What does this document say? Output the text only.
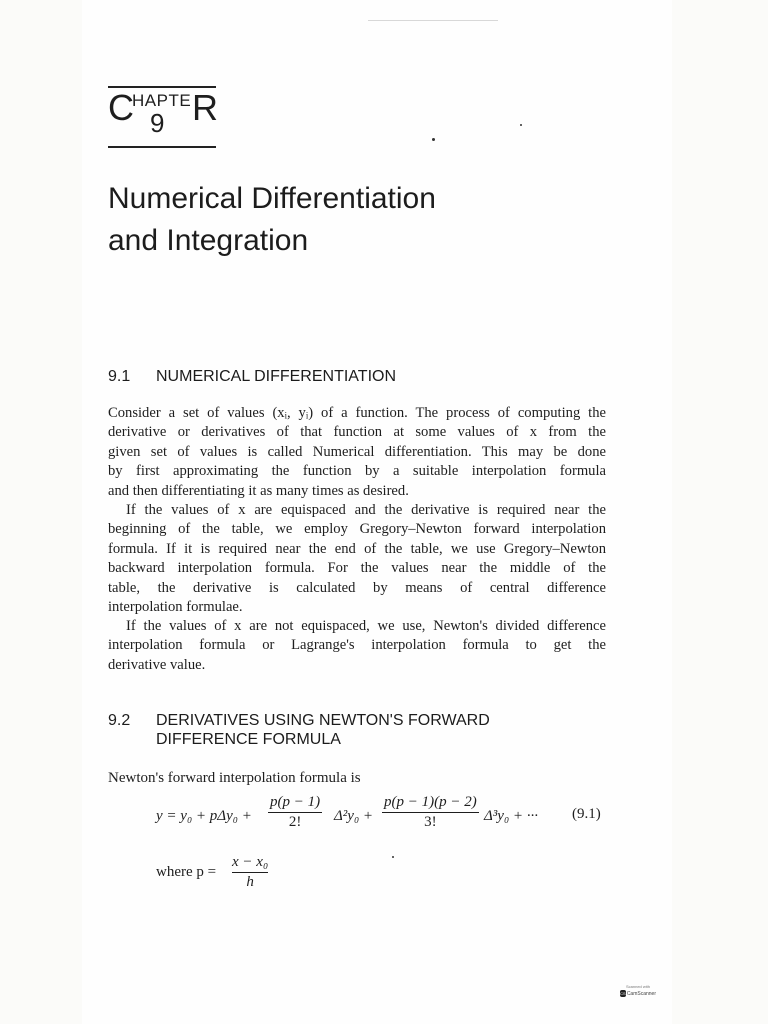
C
HAPTE R
9
Numerical Differentiation
and Integration
9.1 NUMERICAL DIFFERENTIATION
Consider a set of values (xᵢ, yᵢ) of a function. The process of computing the
derivative or derivatives of that function at some values of x from the
given set of values is called Numerical differentiation. This may be done
by first approximating the function by a suitable interpolation formula
and then differentiating it as many times as desired.
If the values of x are equispaced and the derivative is required near the
beginning of the table, we employ Gregory–Newton forward interpolation
formula. If it is required near the end of the table, we use Gregory–Newton
backward interpolation formula. For the values near the middle of the
table, the derivative is calculated by means of central difference
interpolation formulae.
If the values of x are not equispaced, we use, Newton's divided difference
interpolation formula or Lagrange's interpolation formula to get the
derivative value.
9.2 DERIVATIVES USING NEWTON'S FORWARD
DIFFERENCE FORMULA
Newton's forward interpolation formula is
y = y₀ + pΔy₀ +
p(p − 1)
2!	Δ²y₀ +
p(p − 1)(p − 2)
3!	Δ³y₀ + ··· (9.1)
where p =
x − x₀
h
Scanned with
CS CamScanner
